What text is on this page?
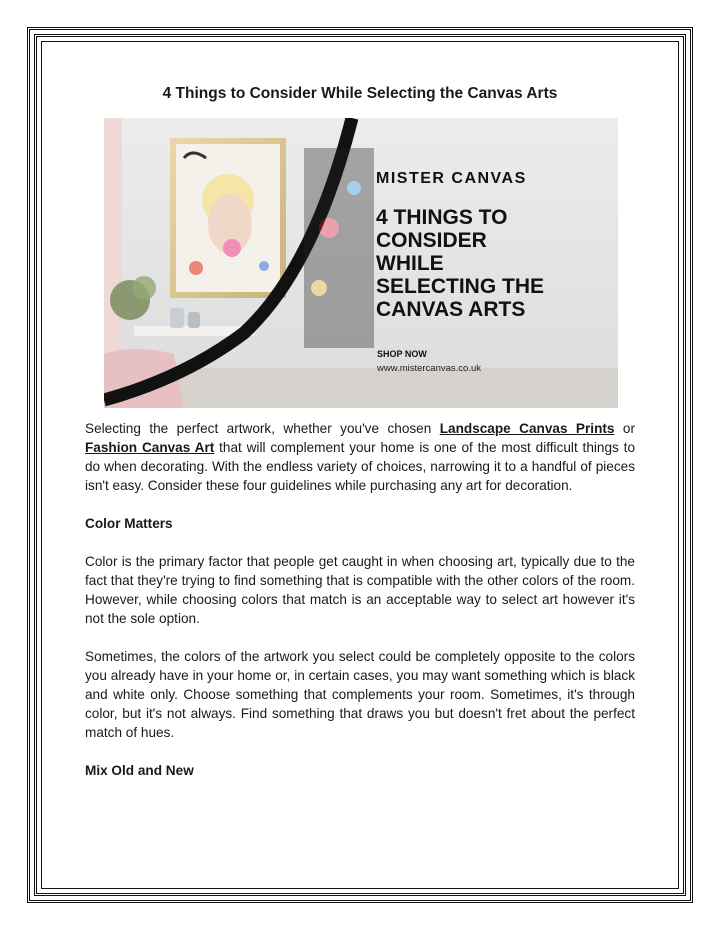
4 Things to Consider While Selecting the Canvas Arts
MISTER CANVAS
4 THINGS TO
CONSIDER
WHILE
SELECTING THE
CANVAS ARTS
SHOP NOW
www.mistercanvas.co.uk

Selecting the perfect artwork, whether you've chosen Landscape Canvas Prints or Fashion Canvas Art that will complement your home is one of the most difficult things to do when decorating. With the endless variety of choices, narrowing it to a handful of pieces isn't easy. Consider these four guidelines while purchasing any art for decoration.

Color Matters

Color is the primary factor that people get caught in when choosing art, typically due to the fact that they're trying to find something that is compatible with the other colors of the room. However, while choosing colors that match is an acceptable way to select art however it's not the sole option.

Sometimes, the colors of the artwork you select could be completely opposite to the colors you already have in your home or, in certain cases, you may want something which is black and white only. Choose something that complements your room. Sometimes, it's through color, but it's not always. Find something that draws you but doesn't fret about the perfect match of hues.

Mix Old and New
